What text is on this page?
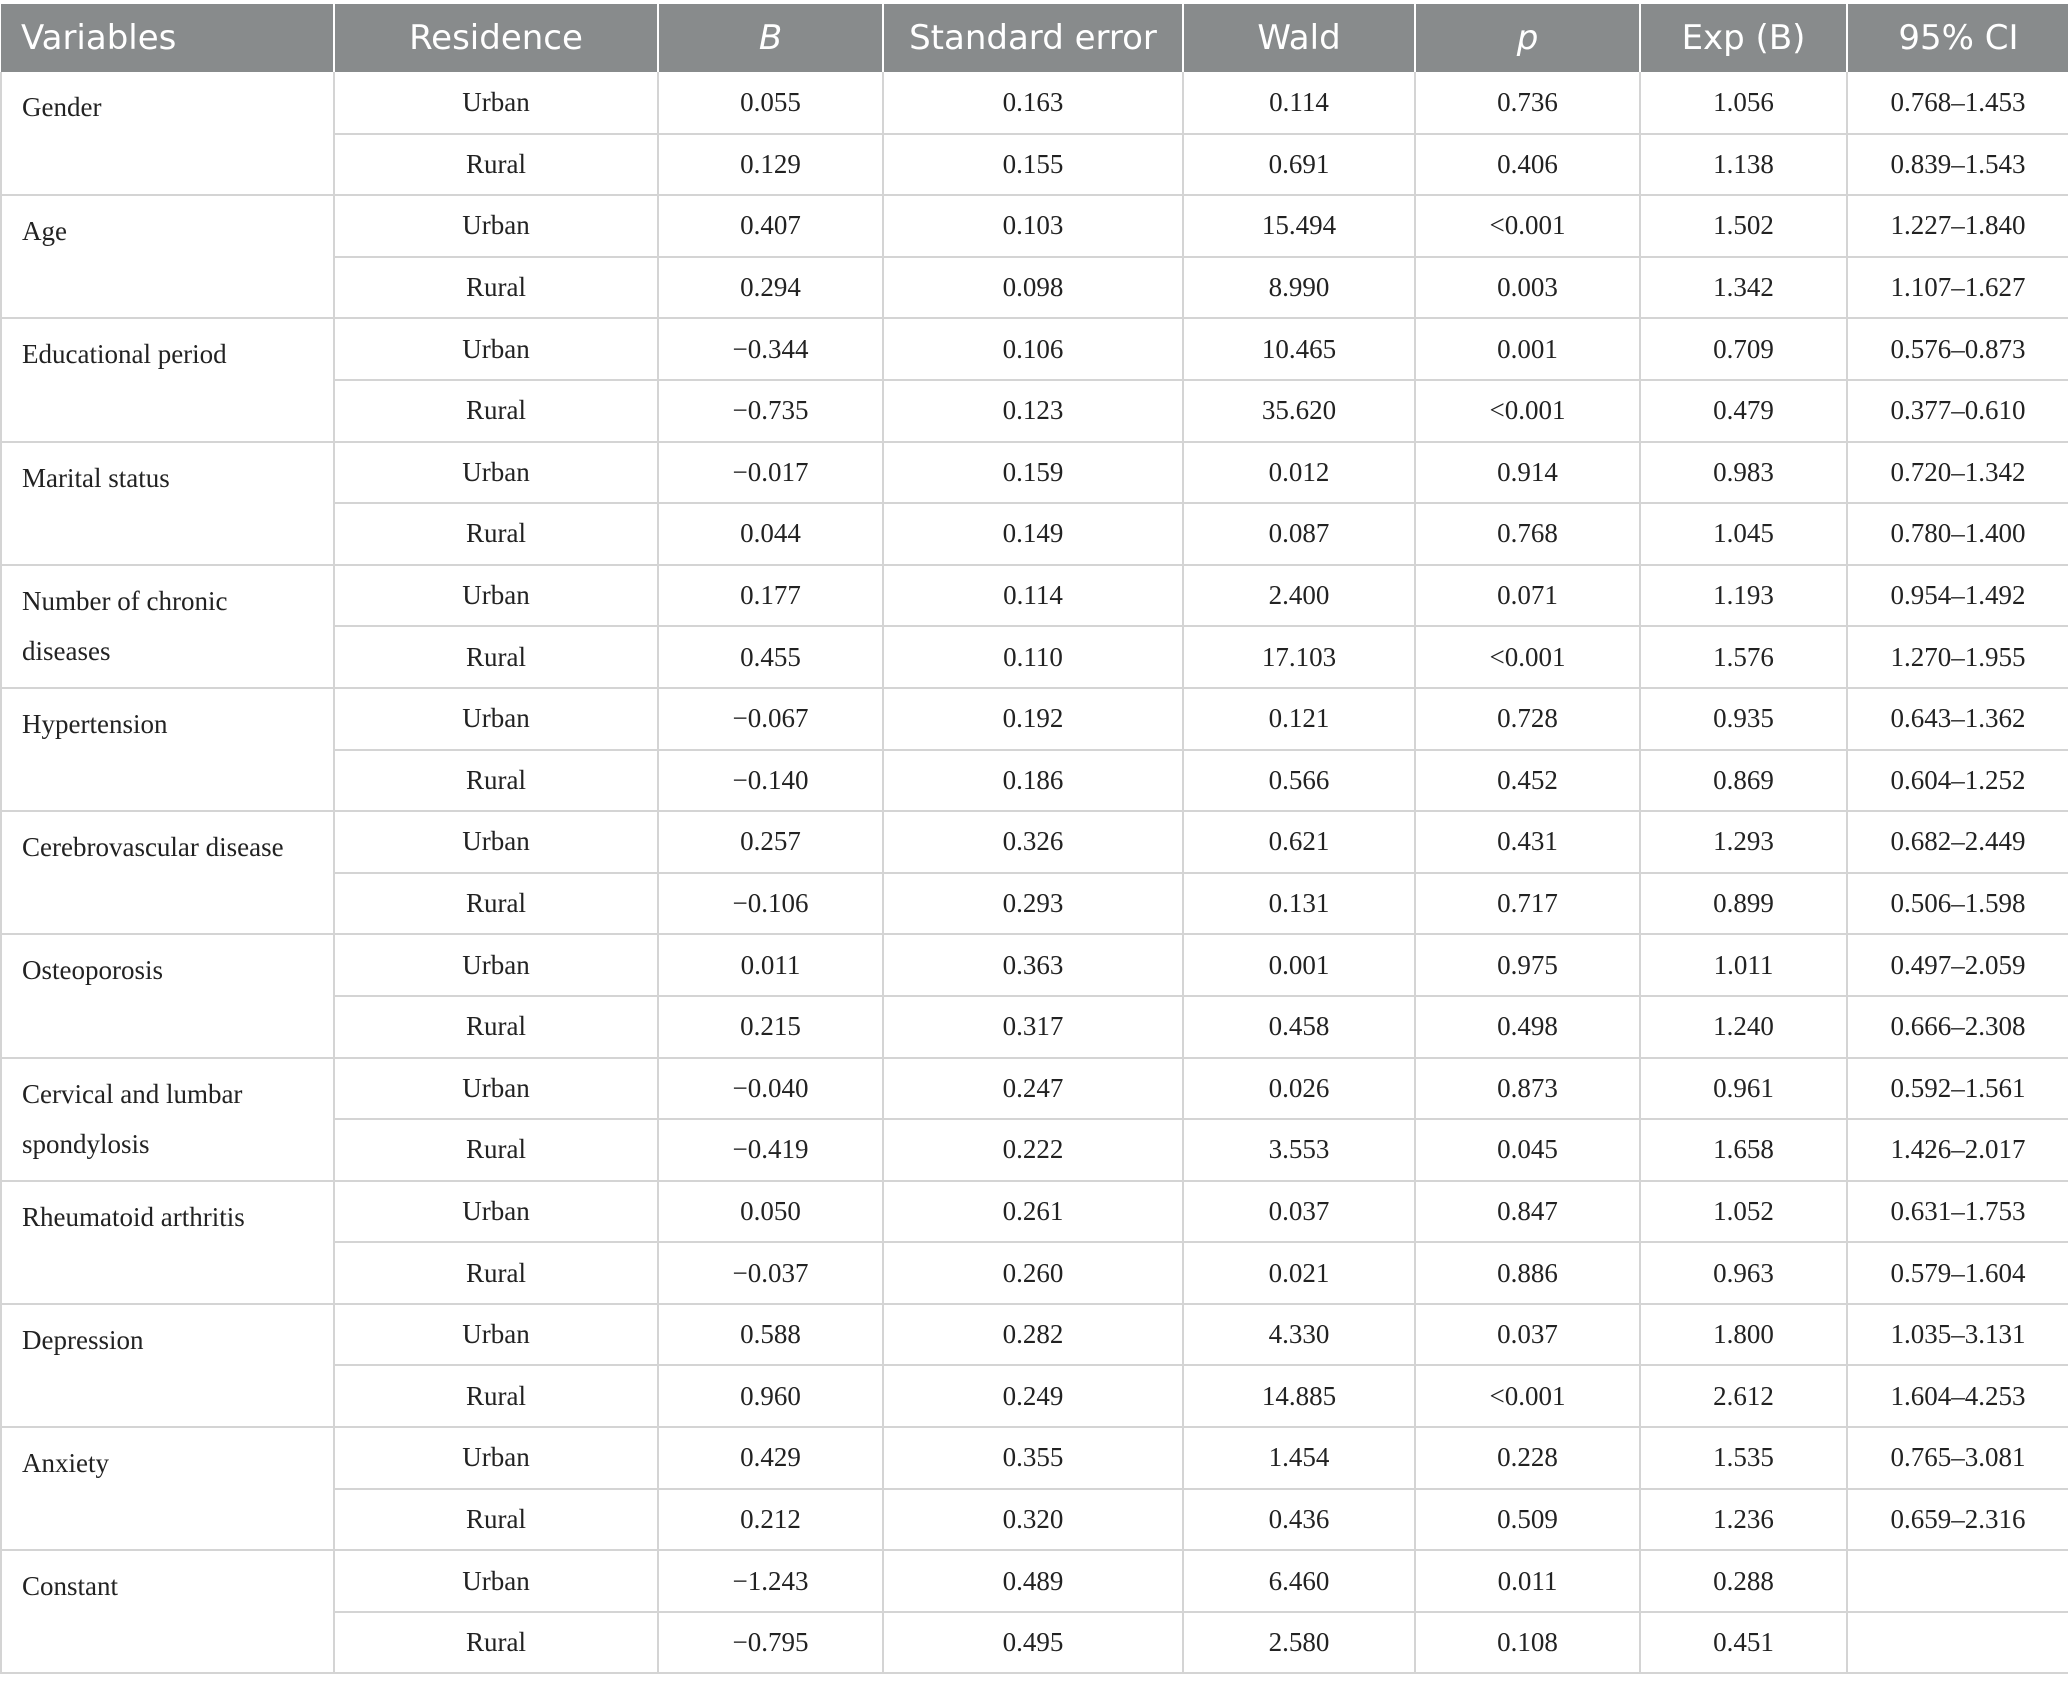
Variables	Residence	B	Standard error	Wald	p	Exp (B)	95% CI
Gender	Urban	0.055	0.163	0.114	0.736	1.056	0.768–1.453
	Rural	0.129	0.155	0.691	0.406	1.138	0.839–1.543
Age	Urban	0.407	0.103	15.494	<0.001	1.502	1.227–1.840
	Rural	0.294	0.098	8.990	0.003	1.342	1.107–1.627
Educational period	Urban	−0.344	0.106	10.465	0.001	0.709	0.576–0.873
	Rural	−0.735	0.123	35.620	<0.001	0.479	0.377–0.610
Marital status	Urban	−0.017	0.159	0.012	0.914	0.983	0.720–1.342
	Rural	0.044	0.149	0.087	0.768	1.045	0.780–1.400
Number of chronic diseases	Urban	0.177	0.114	2.400	0.071	1.193	0.954–1.492
	Rural	0.455	0.110	17.103	<0.001	1.576	1.270–1.955
Hypertension	Urban	−0.067	0.192	0.121	0.728	0.935	0.643–1.362
	Rural	−0.140	0.186	0.566	0.452	0.869	0.604–1.252
Cerebrovascular disease	Urban	0.257	0.326	0.621	0.431	1.293	0.682–2.449
	Rural	−0.106	0.293	0.131	0.717	0.899	0.506–1.598
Osteoporosis	Urban	0.011	0.363	0.001	0.975	1.011	0.497–2.059
	Rural	0.215	0.317	0.458	0.498	1.240	0.666–2.308
Cervical and lumbar spondylosis	Urban	−0.040	0.247	0.026	0.873	0.961	0.592–1.561
	Rural	−0.419	0.222	3.553	0.045	1.658	1.426–2.017
Rheumatoid arthritis	Urban	0.050	0.261	0.037	0.847	1.052	0.631–1.753
	Rural	−0.037	0.260	0.021	0.886	0.963	0.579–1.604
Depression	Urban	0.588	0.282	4.330	0.037	1.800	1.035–3.131
	Rural	0.960	0.249	14.885	<0.001	2.612	1.604–4.253
Anxiety	Urban	0.429	0.355	1.454	0.228	1.535	0.765–3.081
	Rural	0.212	0.320	0.436	0.509	1.236	0.659–2.316
Constant	Urban	−1.243	0.489	6.460	0.011	0.288	
	Rural	−0.795	0.495	2.580	0.108	0.451	
